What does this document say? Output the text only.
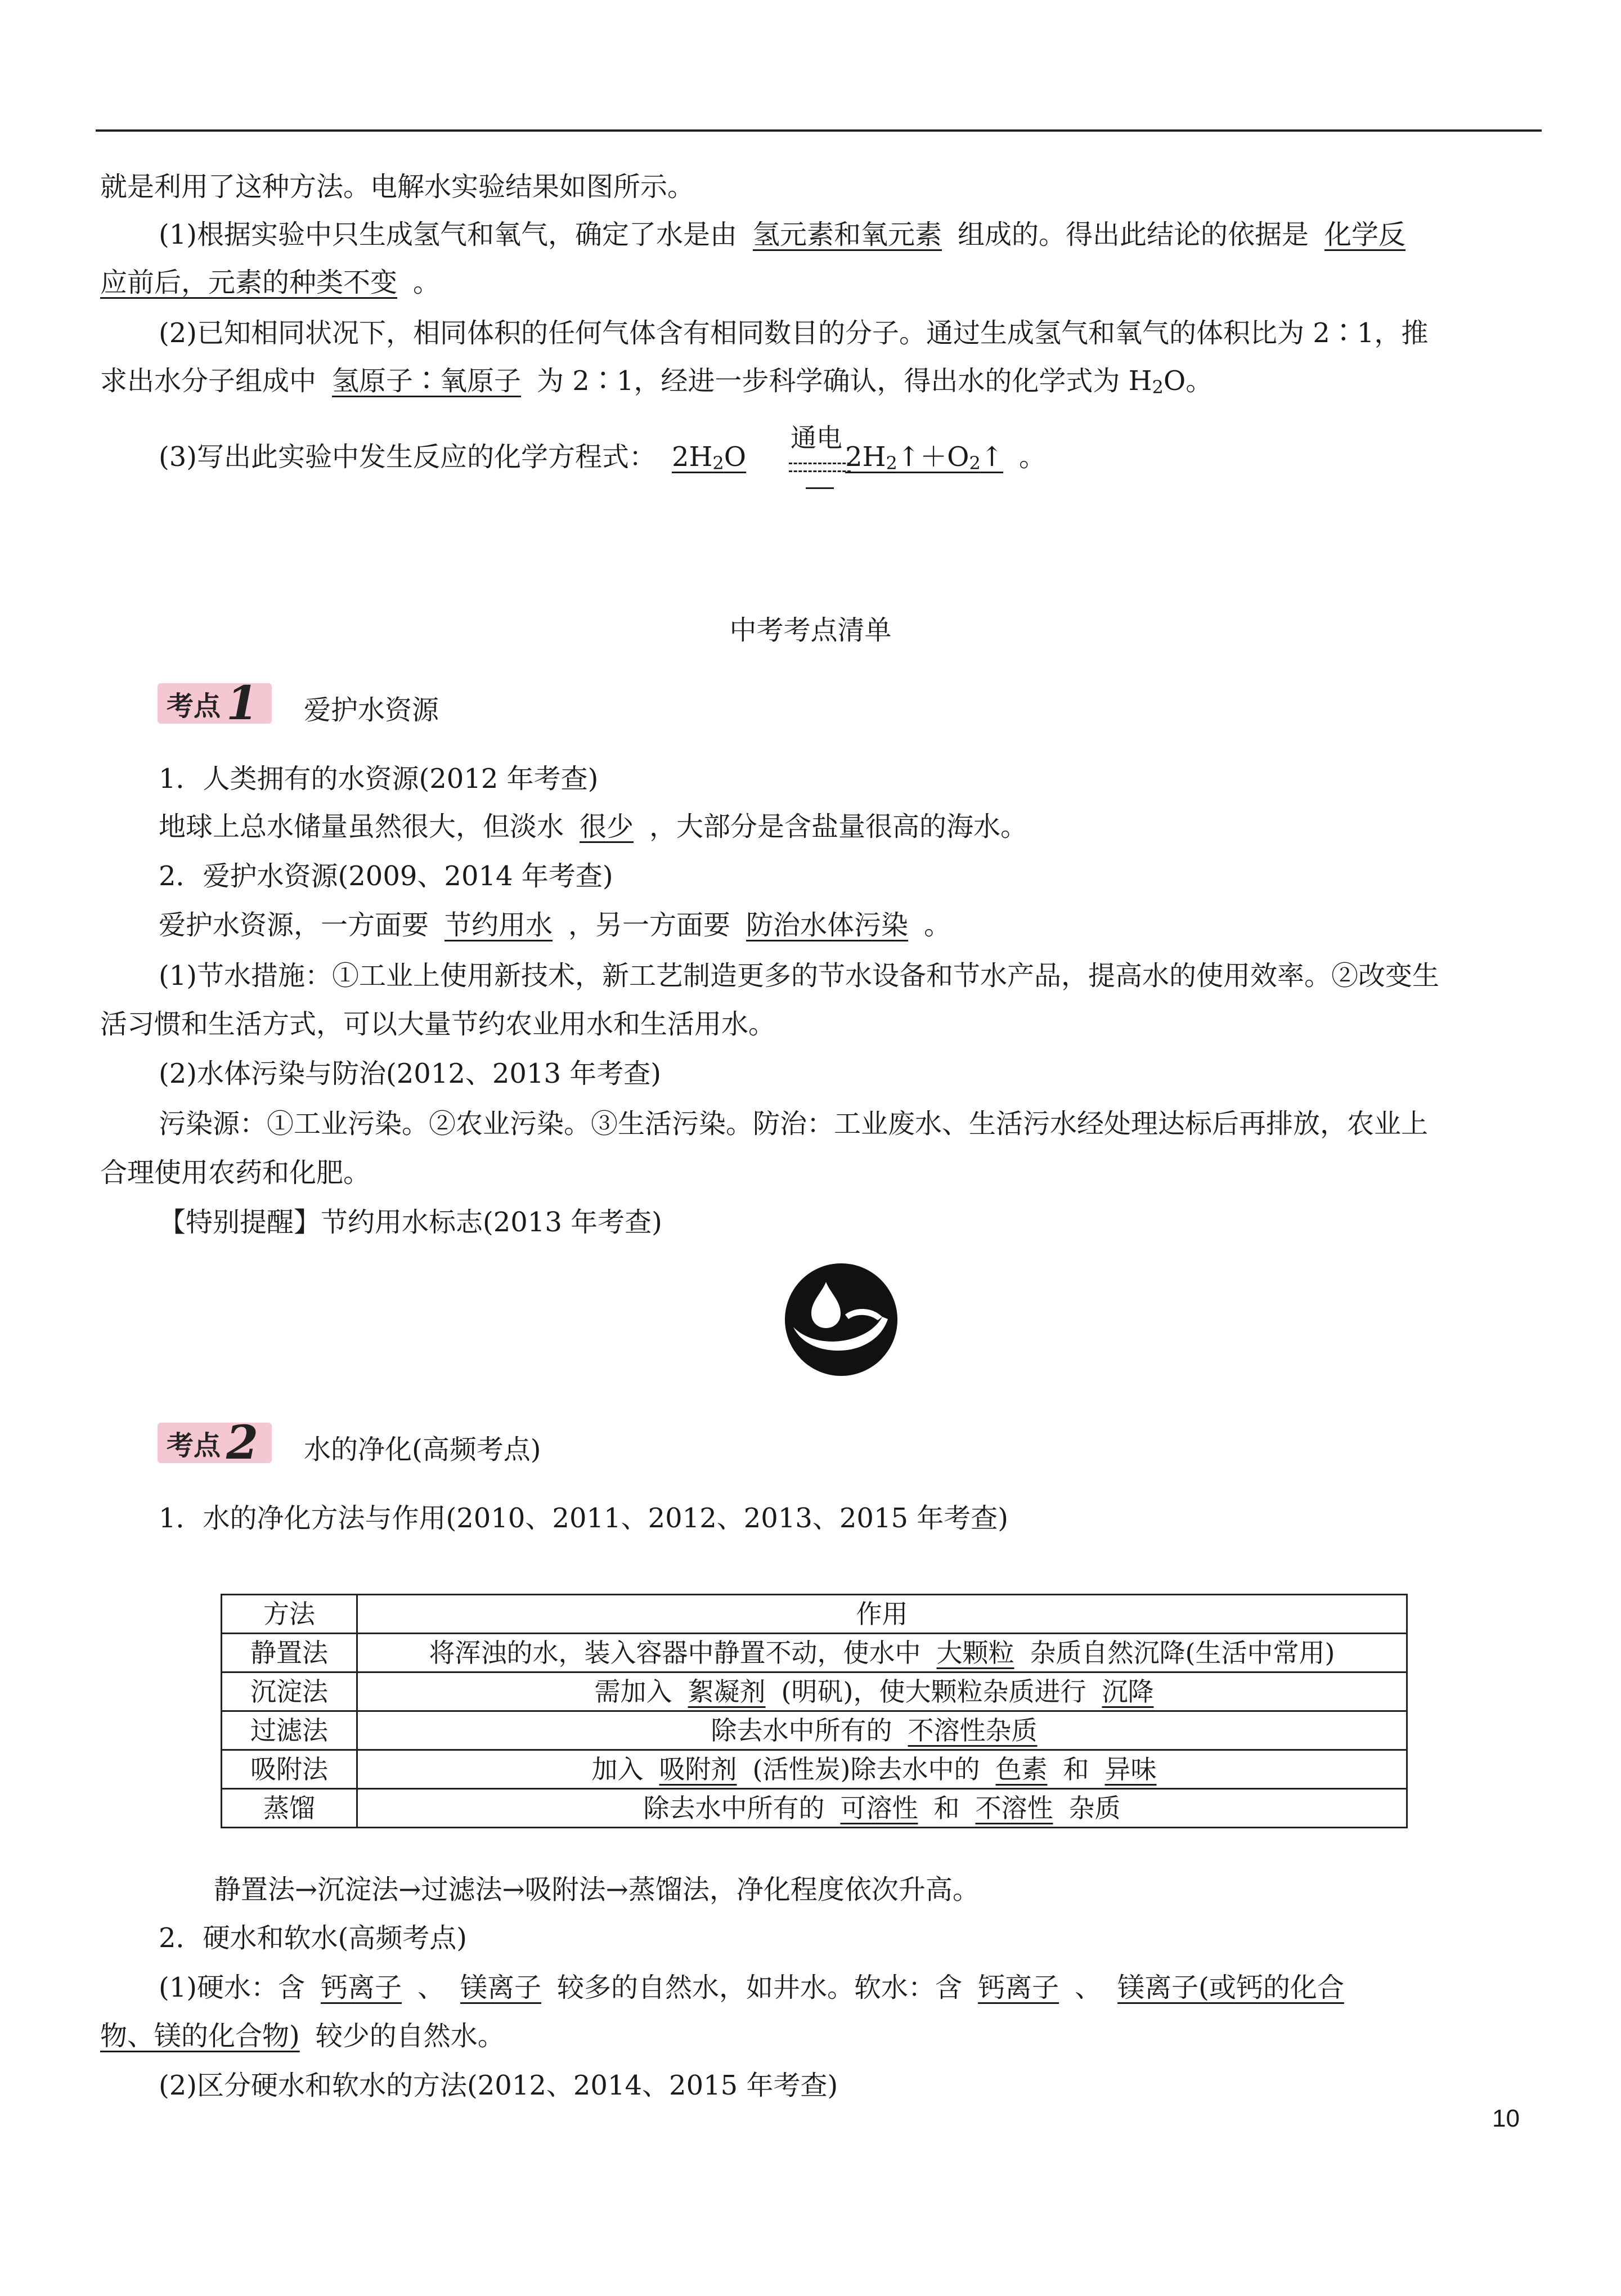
就是利用了这种方法。电解水实验结果如图所示。
(1)根据实验中只生成氢气和氧气，确定了水是由 氢元素和氧元素 组成的。得出此结论的依据是 化学反
应前后，元素的种类不变 。
(2)已知相同状况下，相同体积的任何气体含有相同数目的分子。通过生成氢气和氧气的体积比为 2∶1，推
求出水分子组成中 氢原子∶氧原子 为 2∶1，经进一步科学确认，得出水的化学式为 H2O。
(3)写出此实验中发生反应的化学方程式： 2H2O	2H2↑＋O2↑ 。
通电
中考考点清单
考点 1 爱护水资源
1．人类拥有的水资源(2012 年考查)
地球上总水储量虽然很大，但淡水 很少 ，大部分是含盐量很高的海水。
2．爱护水资源(2009、2014 年考查)
爱护水资源，一方面要 节约用水 ，另一方面要 防治水体污染 。
(1)节水措施：①工业上使用新技术，新工艺制造更多的节水设备和节水产品，提高水的使用效率。②改变生
活习惯和生活方式，可以大量节约农业用水和生活用水。
(2)水体污染与防治(2012、2013 年考查)
污染源：①工业污染。②农业污染。③生活污染。防治：工业废水、生活污水经处理达标后再排放，农业上
合理使用农药和化肥。
【特别提醒】节约用水标志(2013 年考查)
考点 2 水的净化(高频考点)
1．水的净化方法与作用(2010、2011、2012、2013、2015 年考查)
方法	作用
静置法	将浑浊的水，装入容器中静置不动，使水中 大颗粒 杂质自然沉降(生活中常用)
沉淀法	需加入 絮凝剂 (明矾)，使大颗粒杂质进行 沉降
过滤法	除去水中所有的 不溶性杂质
吸附法	加入 吸附剂 (活性炭)除去水中的 色素 和 异味
蒸馏	除去水中所有的 可溶性 和 不溶性 杂质
静置法→沉淀法→过滤法→吸附法→蒸馏法，净化程度依次升高。
2．硬水和软水(高频考点)
(1)硬水：含 钙离子 、 镁离子 较多的自然水，如井水。软水：含 钙离子 、 镁离子(或钙的化合
物、镁的化合物) 较少的自然水。
(2)区分硬水和软水的方法(2012、2014、2015 年考查)
10
